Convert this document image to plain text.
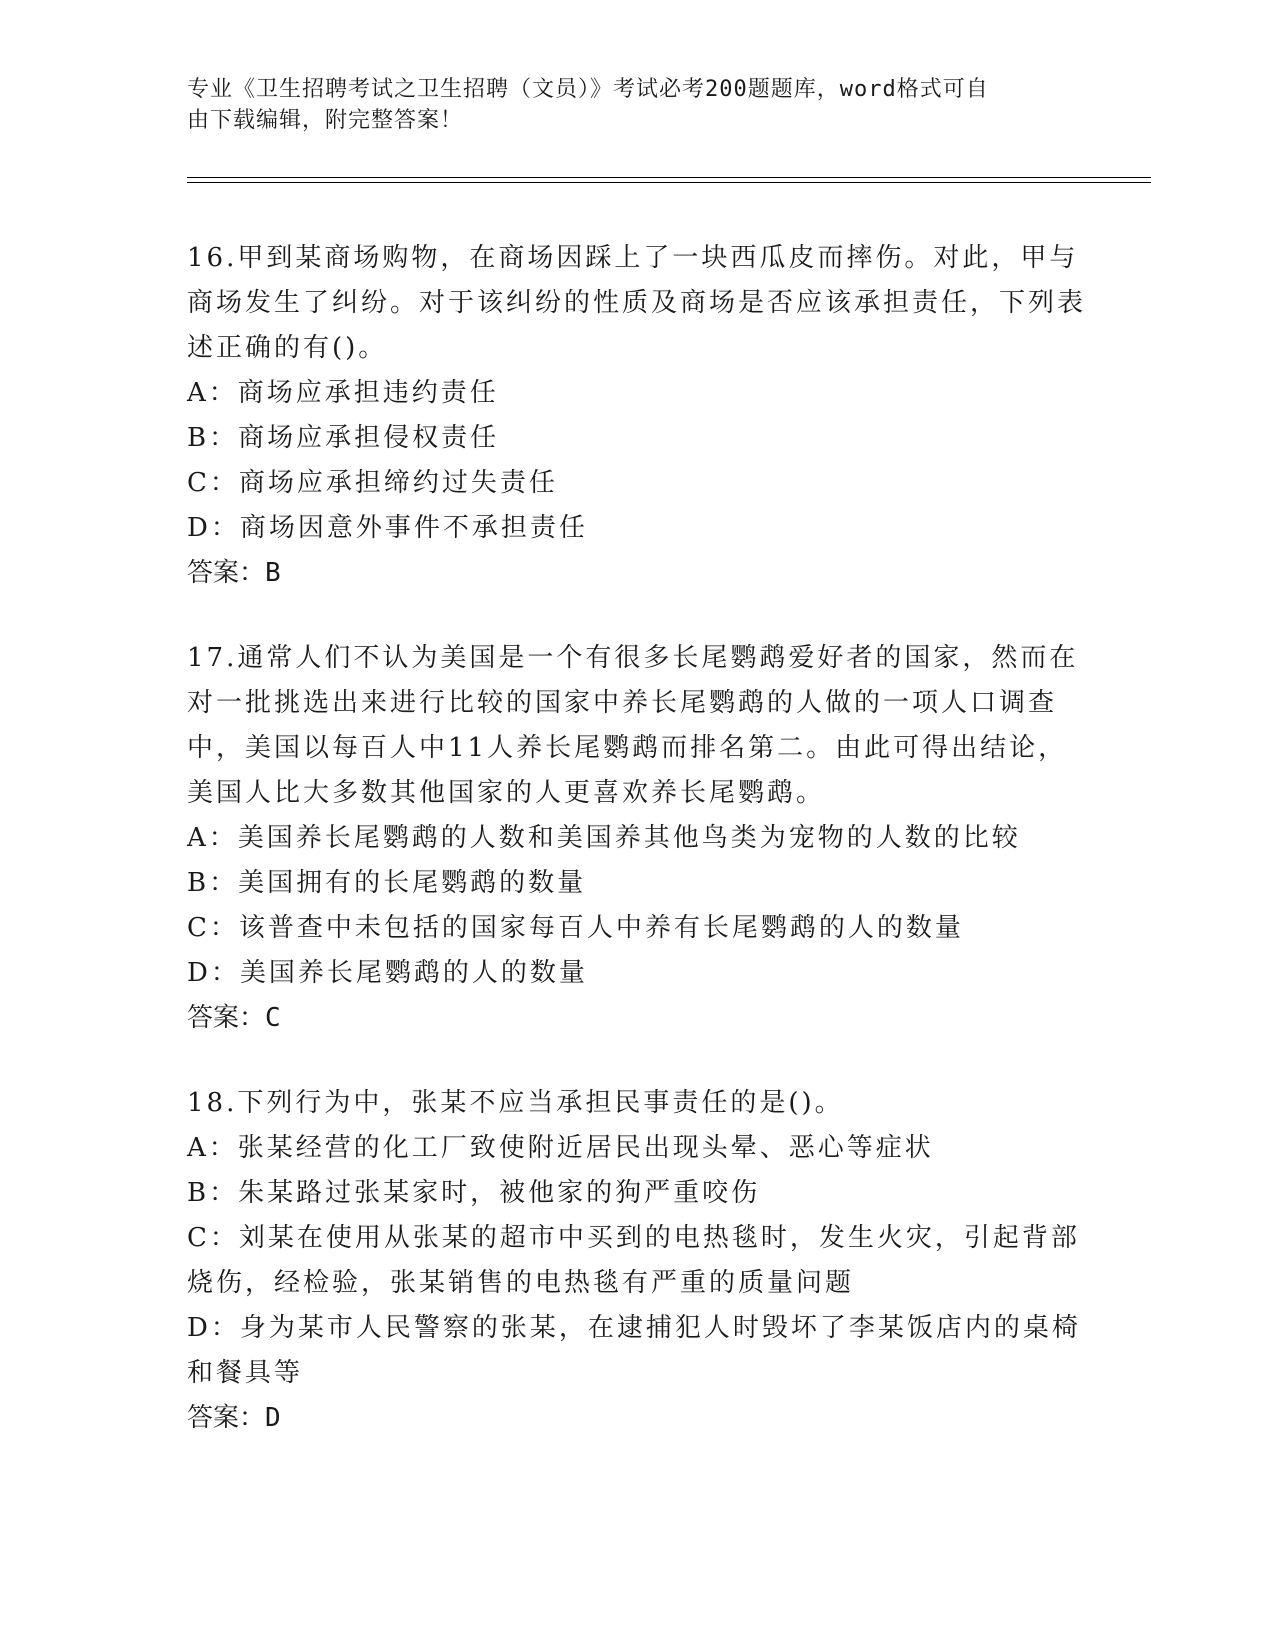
专业《卫生招聘考试之卫生招聘（文员）》考试必考200题题库，word格式可自
由下载编辑，附完整答案！

16.甲到某商场购物，在商场因踩上了一块西瓜皮而摔伤。对此，甲与商场发生了纠纷。对于该纠纷的性质及商场是否应该承担责任，下列表述正确的有()。

A：商场应承担违约责任

B：商场应承担侵权责任

C：商场应承担缔约过失责任

D：商场因意外事件不承担责任

答案：B

17.通常人们不认为美国是一个有很多长尾鹦鹉爱好者的国家，然而在对一批挑选出来进行比较的国家中养长尾鹦鹉的人做的一项人口调查中，美国以每百人中11人养长尾鹦鹉而排名第二。由此可得出结论，美国人比大多数其他国家的人更喜欢养长尾鹦鹉。

A：美国养长尾鹦鹉的人数和美国养其他鸟类为宠物的人数的比较

B：美国拥有的长尾鹦鹉的数量

C：该普查中未包括的国家每百人中养有长尾鹦鹉的人的数量

D：美国养长尾鹦鹉的人的数量

答案：C

18.下列行为中，张某不应当承担民事责任的是()。

A：张某经营的化工厂致使附近居民出现头晕、恶心等症状

B：朱某路过张某家时，被他家的狗严重咬伤

C：刘某在使用从张某的超市中买到的电热毯时，发生火灾，引起背部烧伤，经检验，张某销售的电热毯有严重的质量问题

D：身为某市人民警察的张某，在逮捕犯人时毁坏了李某饭店内的桌椅和餐具等

答案：D
